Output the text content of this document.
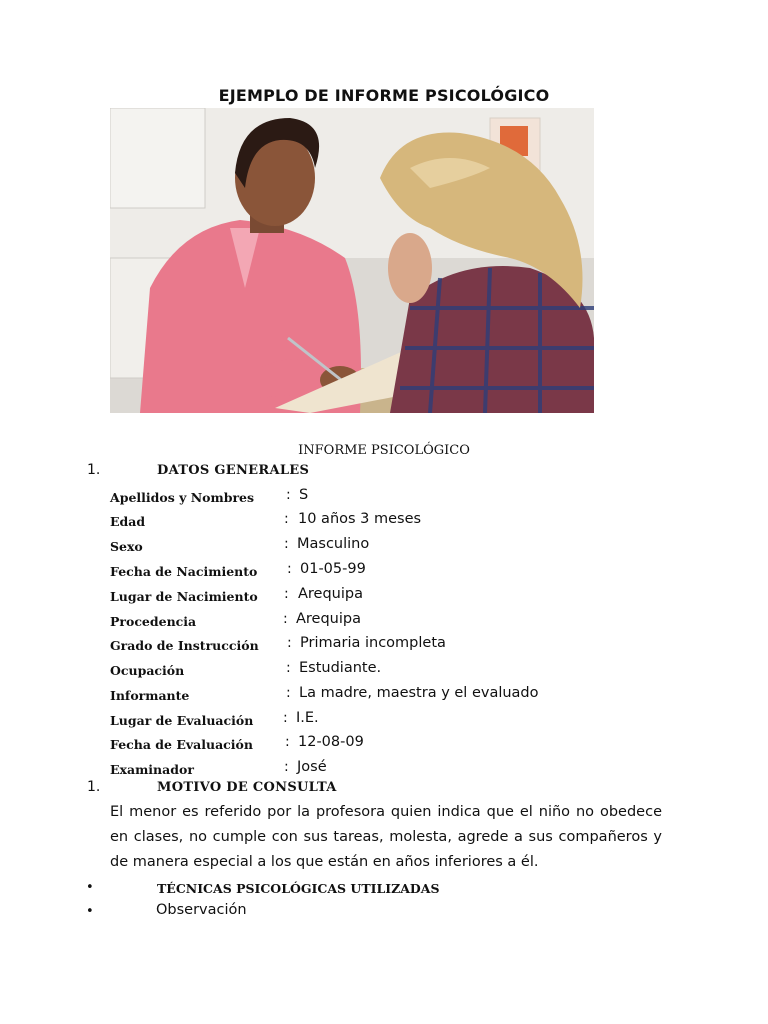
EJEMPLO DE INFORME PSICOLÓGICO
INFORME PSICOLÓGICO
1.	DATOS GENERALES
Apellidos y Nombres : S
Edad	: 10 años 3 meses
Sexo	: Masculino
Fecha de Nacimiento : 01-05-99
Lugar de Nacimiento : Arequipa
Procedencia	: Arequipa
Grado de Instrucción : Primaria incompleta
Ocupación	: Estudiante.
Informante	: La madre, maestra y el evaluado
Lugar de Evaluación : I.E.
Fecha de Evaluación : 12-08-09
Examinador	: José
1.	MOTIVO DE CONSULTA
El menor es referido por la profesora quien indica que el niño no obedece en clases, no cumple con sus tareas, molesta, agrede a sus compañeros y de manera especial a los que están en años inferiores a él.
•	TÉCNICAS PSICOLÓGICAS UTILIZADAS
•	Observación
